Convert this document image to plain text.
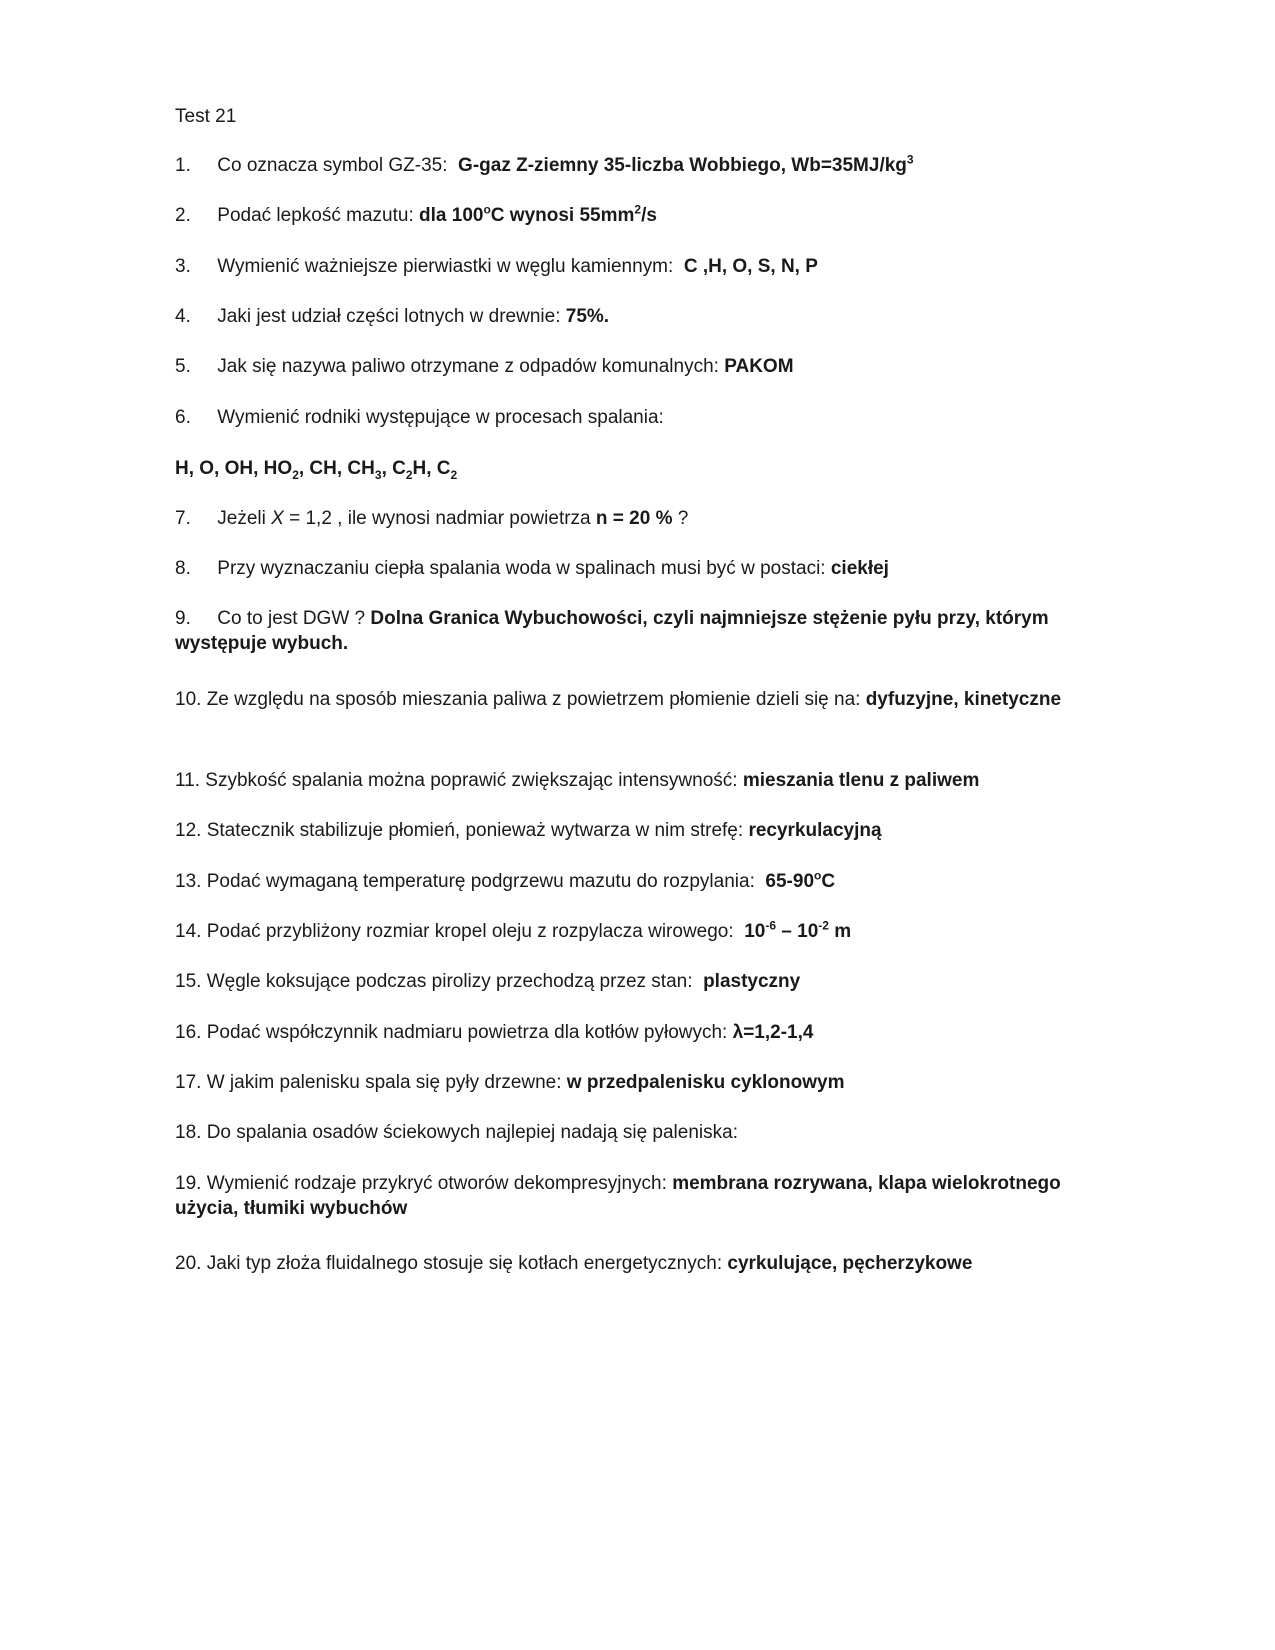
Test 21

1. Co oznacza symbol GZ-35: G-gaz Z-ziemny 35-liczba Wobbiego, $Wb=35MJ/kg^3$

2. Podać lepkość mazutu: dla 100$^o$C wynosi $55mm^2/s$

3. Wymienić ważniejsze pierwiastki w węglu kamiennym: C ,H, O, S, N, P

4. Jaki jest udział części lotnych w drewnie: 75%.

5. Jak się nazywa paliwo otrzymane z odpadów komunalnych: PAKOM

6. Wymienić rodniki występujące w procesach spalania:

H, O, OH, $HO_2$, CH, $CH_3$, $C_2H$, $C_2$

7. Jeżeli X = 1,2 , ile wynosi nadmiar powietrza n = 20 % ?

8. Przy wyznaczaniu ciepła spalania woda w spalinach musi być w postaci: ciekłej

9. Co to jest DGW ? Dolna Granica Wybuchowości, czyli najmniejsze stężenie pyłu przy, którym występuje wybuch.

10. Ze względu na sposób mieszania paliwa z powietrzem płomienie dzieli się na: dyfuzyjne, kinetyczne

11. Szybkość spalania można poprawić zwiększając intensywność: mieszania tlenu z paliwem

12. Statecznik stabilizuje płomień, ponieważ wytwarza w nim strefę: recyrkulacyjną

13. Podać wymaganą temperaturę podgrzewu mazutu do rozpylania: 65-90$^o$C

14. Podać przybliżony rozmiar kropel oleju z rozpylacza wirowego: $10^{-6} - 10^{-2}$ m

15. Węgle koksujące podczas pirolizy przechodzą przez stan: plastyczny

16. Podać współczynnik nadmiaru powietrza dla kotłów pyłowych: λ=1,2-1,4

17. W jakim palenisku spala się pyły drzewne: w przedpalenisku cyklonowym

18. Do spalania osadów ściekowych najlepiej nadają się paleniska:

19. Wymienić rodzaje przykryć otworów dekompresyjnych: membrana rozrywana, klapa wielokrotnego użycia, tłumiki wybuchów

20. Jaki typ złoża fluidalnego stosuje się kotłach energetycznych: cyrkulujące, pęcherzykowe
